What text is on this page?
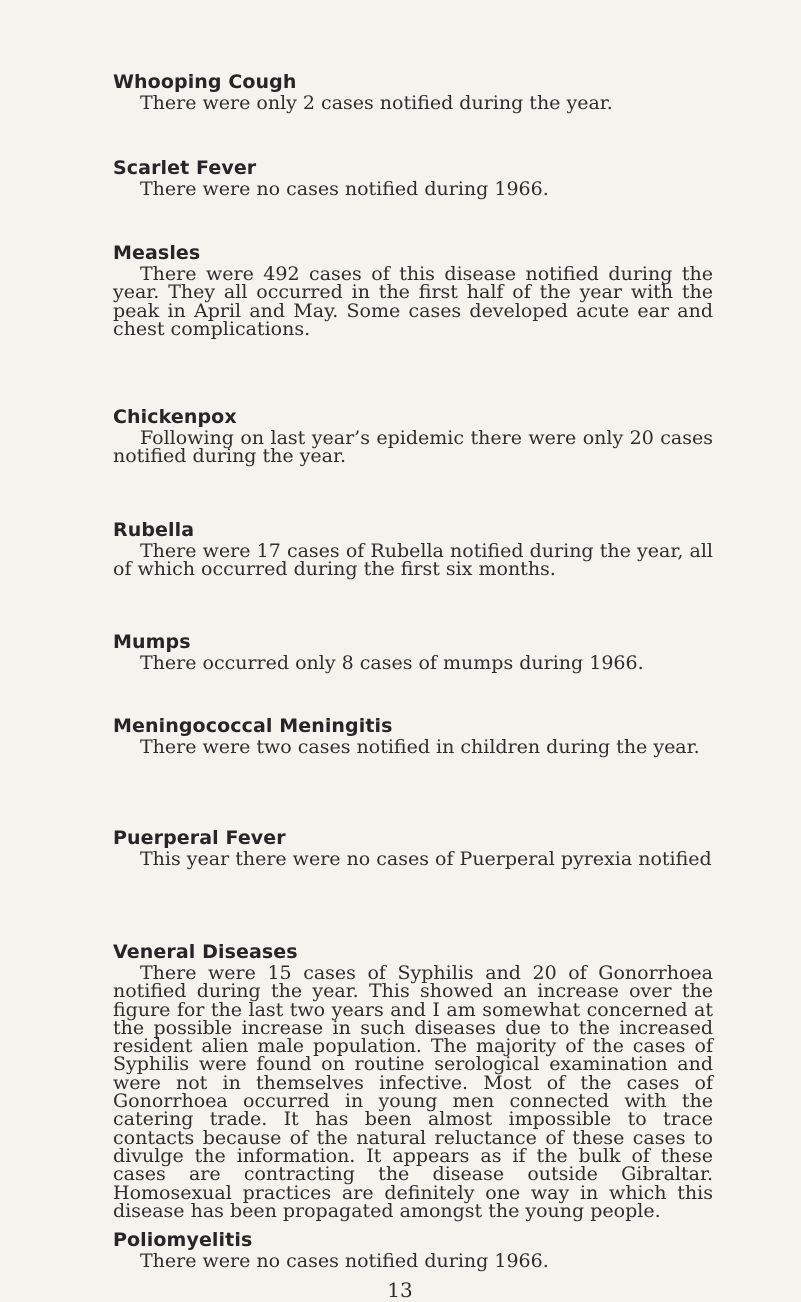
Whooping Cough

There were only 2 cases notified during the year.

Scarlet Fever

There were no cases notified during 1966.

Measles

There were 492 cases of this disease notified during the year. They all occurred in the first half of the year with the peak in April and May. Some cases developed acute ear and chest complications.

Chickenpox

Following on last year’s epidemic there were only 20 cases notified during the year.

Rubella

There were 17 cases of Rubella notified during the year, all of which occurred during the first six months.

Mumps

There occurred only 8 cases of mumps during 1966.

Meningococcal Meningitis

There were two cases notified in children during the year.

Puerperal Fever

This year there were no cases of Puerperal pyrexia notified

Veneral Diseases

There were 15 cases of Syphilis and 20 of Gonorrhoea notified during the year. This showed an increase over the figure for the last two years and I am somewhat concerned at the possible increase in such diseases due to the increased resident alien male population. The majority of the cases of Syphilis were found on routine serological examination and were not in themselves infective. Most of the cases of Gonorrhoea occurred in young men connected with the catering trade. It has been almost impossible to trace contacts because of the natural reluctance of these cases to divulge the information. It appears as if the bulk of these cases are contracting the disease outside Gibraltar. Homosexual practices are definitely one way in which this disease has been propagated amongst the young people.

Poliomyelitis

There were no cases notified during 1966.

13
